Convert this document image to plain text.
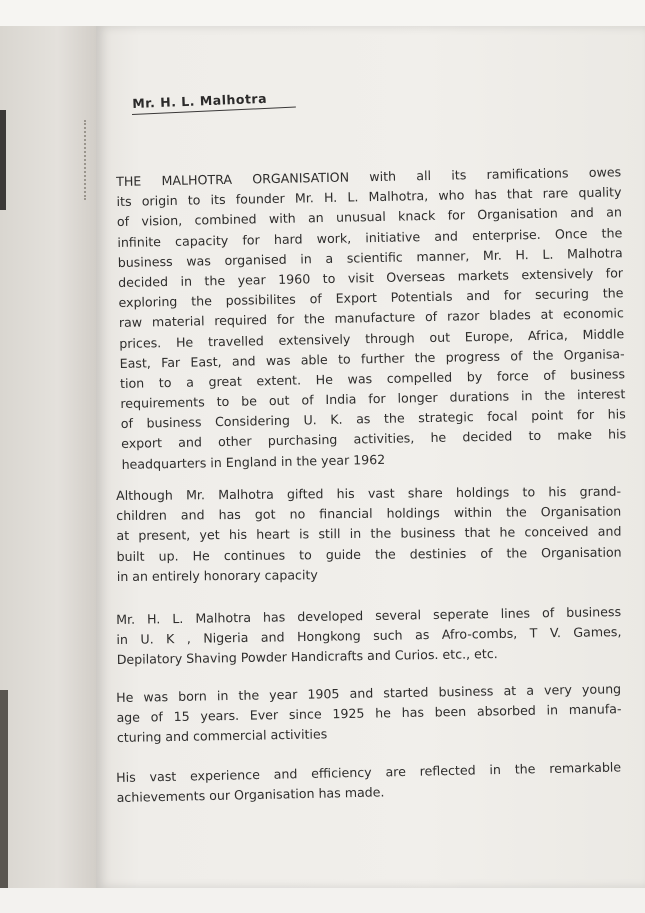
Mr. H. L. Malhotra
THE MALHOTRA ORGANISATION with all its ramifications owes
its origin to its founder Mr. H. L. Malhotra, who has that rare quality
of vision, combined with an unusual knack for Organisation and an
infinite capacity for hard work, initiative and enterprise. Once the
business was organised in a scientific manner, Mr. H. L. Malhotra
decided in the year 1960 to visit Overseas markets extensively for
exploring the possibilites of Export Potentials and for securing the
raw material required for the manufacture of razor blades at economic
prices. He travelled extensively through out Europe, Africa, Middle
East, Far East, and was able to further the progress of the Organisa-
tion to a great extent. He was compelled by force of business
requirements to be out of India for longer durations in the interest
of business Considering U. K. as the strategic focal point for his
export and other purchasing activities, he decided to make his
headquarters in England in the year 1962
Although Mr. Malhotra gifted his vast share holdings to his grand-
children and has got no financial holdings within the Organisation
at present, yet his heart is still in the business that he conceived and
built up. He continues to guide the destinies of the Organisation
in an entirely honorary capacity
Mr. H. L. Malhotra has developed several seperate lines of business
in U. K , Nigeria and Hongkong such as Afro-combs, T V. Games,
Depilatory Shaving Powder Handicrafts and Curios. etc., etc.
He was born in the year 1905 and started business at a very young
age of 15 years. Ever since 1925 he has been absorbed in manufa-
cturing and commercial activities
His vast experience and efficiency are reflected in the remarkable
achievements our Organisation has made.
